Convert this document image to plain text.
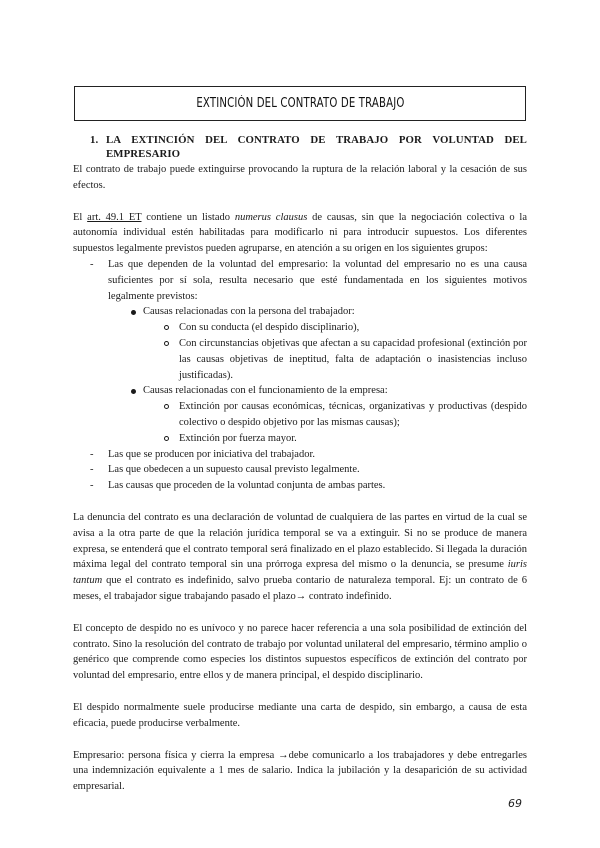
EXTINCIÓN DEL CONTRATO DE TRABAJO
1. LA EXTINCIÓN DEL CONTRATO DE TRABAJO POR VOLUNTAD DEL EMPRESARIO

El contrato de trabajo puede extinguirse provocando la ruptura de la relación laboral y la cesación de sus efectos.

El art. 49.1 ET contiene un listado numerus clausus de causas, sin que la negociación colectiva o la autonomía individual estén habilitadas para modificarlo ni para introducir supuestos. Los diferentes supuestos legalmente previstos pueden agruparse, en atención a su origen en los siguientes grupos:

- Las que dependen de la voluntad del empresario: la voluntad del empresario no es una causa suficientes por sí sola, resulta necesario que esté fundamentada en los siguientes motivos legalmente previstos:
Causas relacionadas con la persona del trabajador:
Con su conducta (el despido disciplinario),
Con circunstancias objetivas que afectan a su capacidad profesional (extinción por las causas objetivas de ineptitud, falta de adaptación o inasistencias incluso justificadas).
Causas relacionadas con el funcionamiento de la empresa:
Extinción por causas económicas, técnicas, organizativas y productivas (despido colectivo o despido objetivo por las mismas causas);
Extinción por fuerza mayor.
- Las que se producen por iniciativa del trabajador.
- Las que obedecen a un supuesto causal previsto legalmente.
- Las causas que proceden de la voluntad conjunta de ambas partes.

La denuncia del contrato es una declaración de voluntad de cualquiera de las partes en virtud de la cual se avisa a la otra parte de que la relación jurídica temporal se va a extinguir. Si no se produce de manera expresa, se entenderá que el contrato temporal será finalizado en el plazo establecido. Si llegada la duración máxima legal del contrato temporal sin una prórroga expresa del mismo o la denuncia, se presume iuris tantum que el contrato es indefinido, salvo prueba contario de naturaleza temporal. Ej: un contrato de 6 meses, el trabajador sigue trabajando pasado el plazo→ contrato indefinido.

El concepto de despido no es unívoco y no parece hacer referencia a una sola posibilidad de extinción del contrato. Sino la resolución del contrato de trabajo por voluntad unilateral del empresario, término amplio o genérico que comprende como especies los distintos supuestos específicos de extinción del contrato por voluntad del empresario, entre ellos y de manera principal, el despido disciplinario.

El despido normalmente suele producirse mediante una carta de despido, sin embargo, a causa de esta eficacia, puede producirse verbalmente.

Empresario: persona física y cierra la empresa →debe comunicarlo a los trabajadores y debe entregarles una indemnización equivalente a 1 mes de salario. Indica la jubilación y la desaparición de su actividad empresarial.

69
